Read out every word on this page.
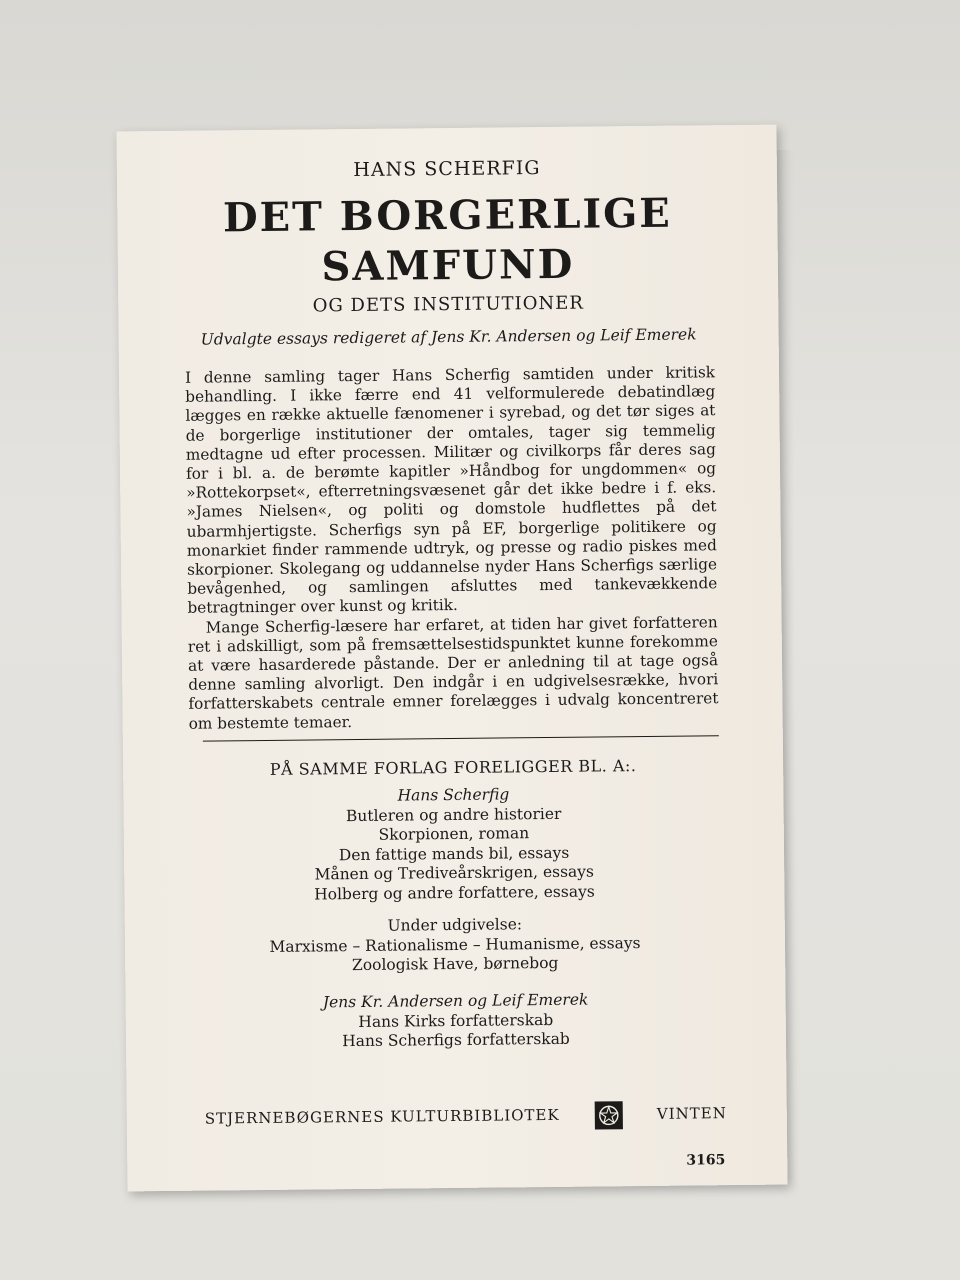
HANS SCHERFIG
DET BORGERLIGE
SAMFUND
OG DETS INSTITUTIONER
Udvalgte essays redigeret af Jens Kr. Andersen og Leif Emerek

I denne samling tager Hans Scherfig samtiden under kritisk behandling. I ikke færre end 41 velformulerede debatindlæg lægges en række aktuelle fænomener i syrebad, og det tør siges at de borgerlige institutioner der omtales, tager sig temmelig medtagne ud efter processen. Militær og civilkorps får deres sag for i bl. a. de berømte kapitler »Håndbog for ungdommen« og »Rottekorpset«, efterretningsvæsenet går det ikke bedre i f. eks. »James Nielsen«, og politi og domstole hudflettes på det ubarmhjertigste. Scherfigs syn på EF, borgerlige politikere og monarkiet finder rammende udtryk, og presse og radio piskes med skorpioner. Skolegang og uddannelse nyder Hans Scherfigs særlige bevågenhed, og samlingen afsluttes med tankevækkende betragtninger over kunst og kritik.

Mange Scherfig-læsere har erfaret, at tiden har givet forfatteren ret i adskilligt, som på fremsættelsestidspunktet kunne forekomme at være hasarderede påstande. Der er anledning til at tage også denne samling alvorligt. Den indgår i en udgivelsesrække, hvori forfatterskabets centrale emner forelægges i udvalg koncentreret om bestemte temaer.

PÅ SAMME FORLAG FORELIGGER BL. A:.
Hans Scherfig
Butleren og andre historier
Skorpionen, roman
Den fattige mands bil, essays
Månen og Trediveårskrigen, essays
Holberg og andre forfattere, essays
Under udgivelse:
Marxisme – Rationalisme – Humanisme, essays
Zoologisk Have, børnebog
Jens Kr. Andersen og Leif Emerek
Hans Kirks forfatterskab
Hans Scherfigs forfatterskab
STJERNEBØGERNES KULTURBIBLIOTEK	VINTEN
3165
